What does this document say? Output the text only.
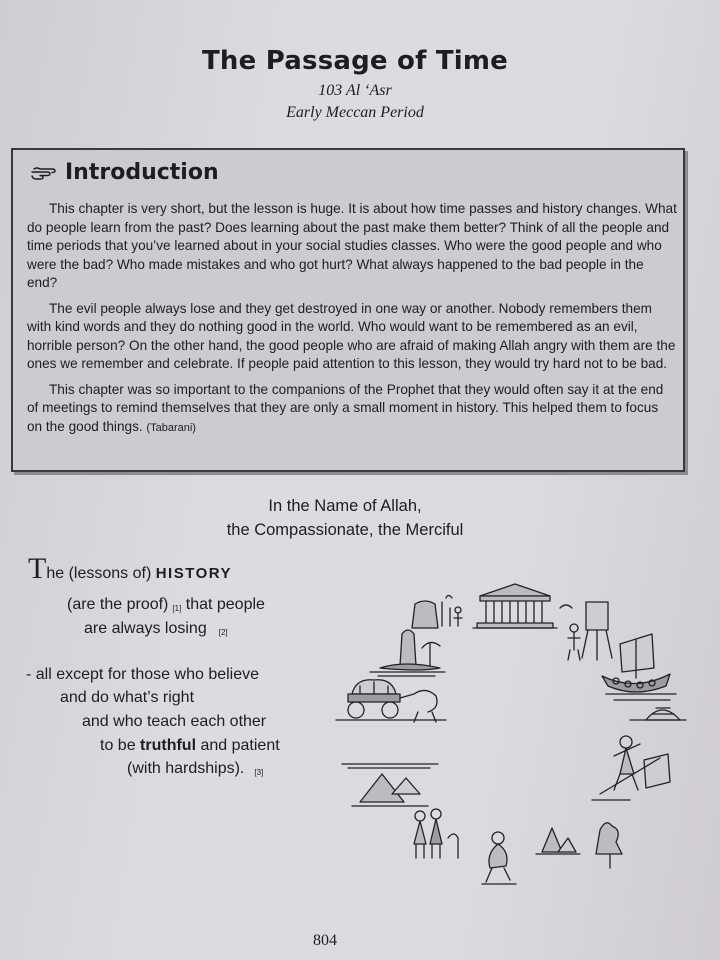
The Passage of Time
103 Al ‘Asr
Early Meccan Period
Introduction

This chapter is very short, but the lesson is huge. It is about how time passes and history changes. What do people learn from the past? Does learning about the past make them better? Think of all the people and time periods that you’ve learned about in your social studies classes. Who were the good people and who were the bad? Who made mistakes and who got hurt? What always happened to the bad people in the end?

The evil people always lose and they get destroyed in one way or another. Nobody remembers them with kind words and they do nothing good in the world. Who would want to be remembered as an evil, horrible person? On the other hand, the good people who are afraid of making Allah angry with them are the ones we remember and celebrate. If people paid attention to this lesson, they would try hard not to be bad.

This chapter was so important to the companions of the Prophet that they would often say it at the end of meetings to remind themselves that they are only a small moment in history. This helped them to focus on the good things. (Tabarani)

In the Name of Allah,
the Compassionate, the Merciful
The (lessons of) HISTORY
(are the proof) [1] that people
are always losing [2]
- all except for those who believe
and do what’s right
and who teach each other
to be truthful and patient
(with hardships). [3]
804
